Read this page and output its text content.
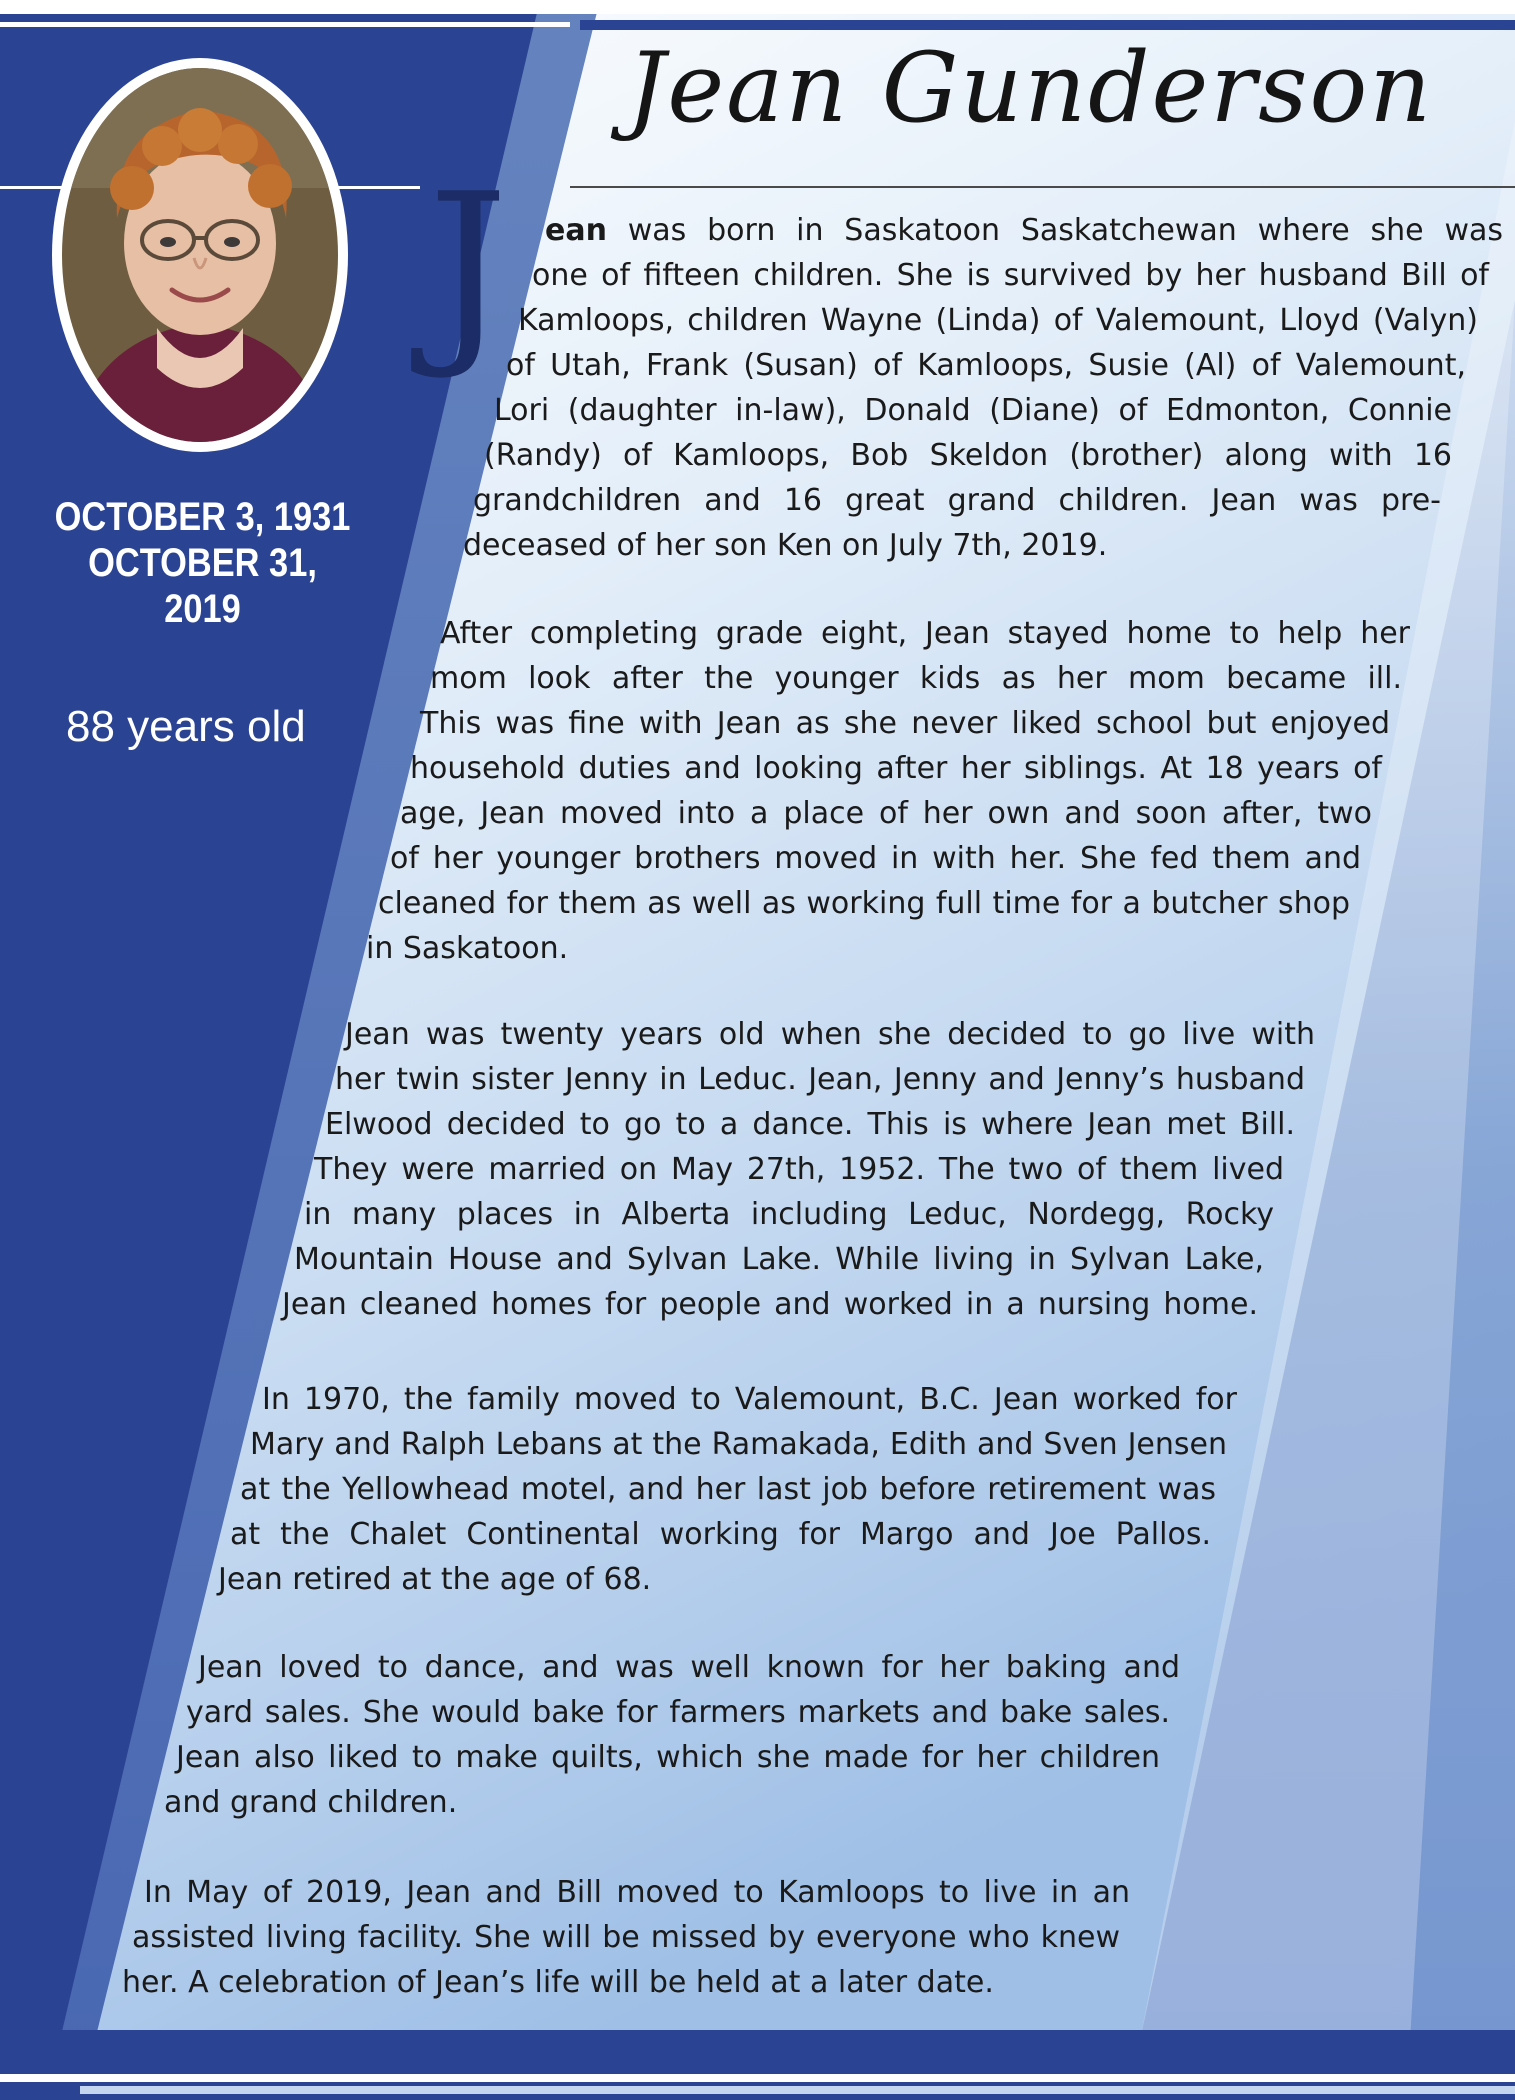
Jean Gunderson
OCTOBER 3, 1931
OCTOBER 31, 2019
88 years old
J ean was born in Saskatoon Saskatchewan where she was
one of fifteen children. She is survived by her husband Bill of
Kamloops, children Wayne (Linda) of Valemount, Lloyd (Valyn)
of Utah, Frank (Susan) of Kamloops, Susie (Al) of Valemount,
Lori (daughter in-law), Donald (Diane) of Edmonton, Connie
(Randy) of Kamloops, Bob Skeldon (brother) along with 16
grandchildren and 16 great grand children. Jean was pre-
deceased of her son Ken on July 7th, 2019.
After completing grade eight, Jean stayed home to help her
mom look after the younger kids as her mom became ill.
This was fine with Jean as she never liked school but enjoyed
household duties and looking after her siblings. At 18 years of
age, Jean moved into a place of her own and soon after, two
of her younger brothers moved in with her. She fed them and
cleaned for them as well as working full time for a butcher shop
in Saskatoon.
Jean was twenty years old when she decided to go live with
her twin sister Jenny in Leduc. Jean, Jenny and Jenny’s husband
Elwood decided to go to a dance. This is where Jean met Bill.
They were married on May 27th, 1952. The two of them lived
in many places in Alberta including Leduc, Nordegg, Rocky
Mountain House and Sylvan Lake. While living in Sylvan Lake,
Jean cleaned homes for people and worked in a nursing home.
In 1970, the family moved to Valemount, B.C. Jean worked for
Mary and Ralph Lebans at the Ramakada, Edith and Sven Jensen
at the Yellowhead motel, and her last job before retirement was
at the Chalet Continental working for Margo and Joe Pallos.
Jean retired at the age of 68.
Jean loved to dance, and was well known for her baking and
yard sales. She would bake for farmers markets and bake sales.
Jean also liked to make quilts, which she made for her children
and grand children.
In May of 2019, Jean and Bill moved to Kamloops to live in an
assisted living facility. She will be missed by everyone who knew
her. A celebration of Jean’s life will be held at a later date.
